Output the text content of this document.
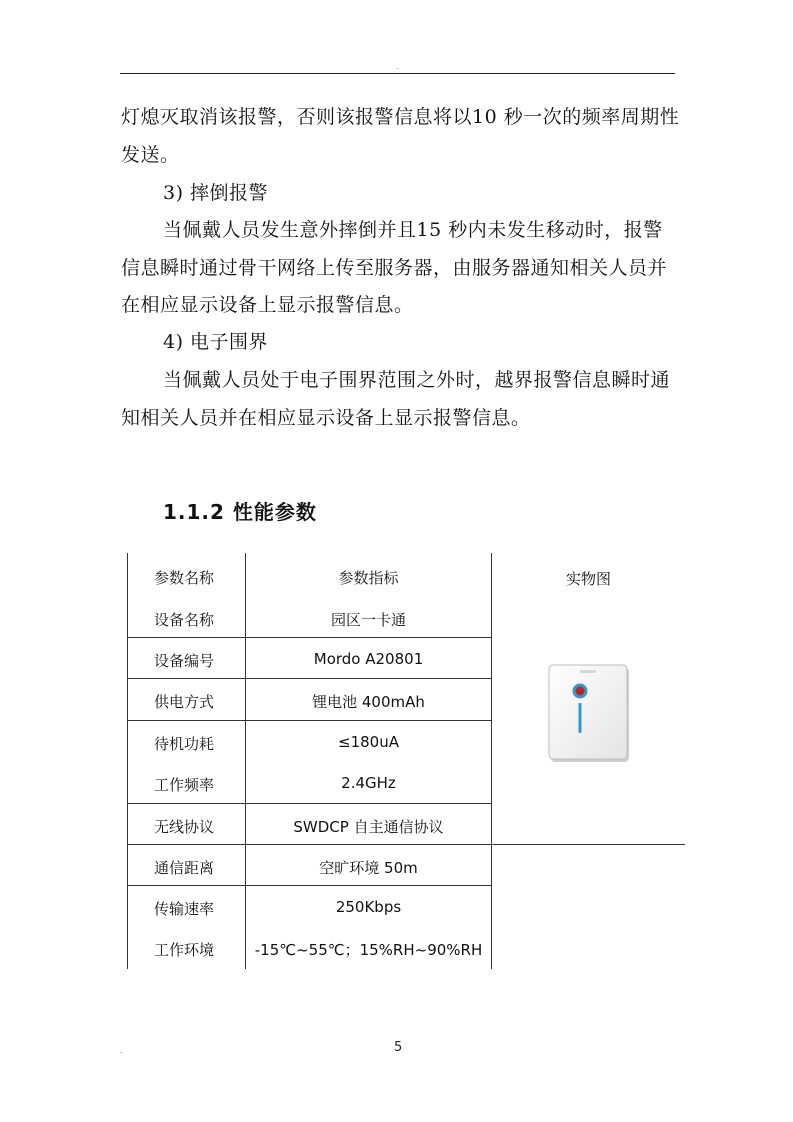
.

灯熄灭取消该报警，否则该报警信息将以10 秒一次的频率周期性发送。

3) 摔倒报警

当佩戴人员发生意外摔倒并且15 秒内未发生移动时，报警信息瞬时通过骨干网络上传至服务器，由服务器通知相关人员并在相应显示设备上显示报警信息。

4) 电子围界

当佩戴人员处于电子围界范围之外时，越界报警信息瞬时通知相关人员并在相应显示设备上显示报警信息。

1.1.2 性能参数
参数名称	参数指标	实物图
设备名称	园区一卡通
设备编号	Mordo A20801
供电方式	锂电池 400mAh
待机功耗	≤180uA
工作频率	2.4GHz
无线协议	SWDCP 自主通信协议
通信距离	空旷环境 50m
传输速率	250Kbps
工作环境	-15℃~55℃；15%RH~90%RH
.	5
